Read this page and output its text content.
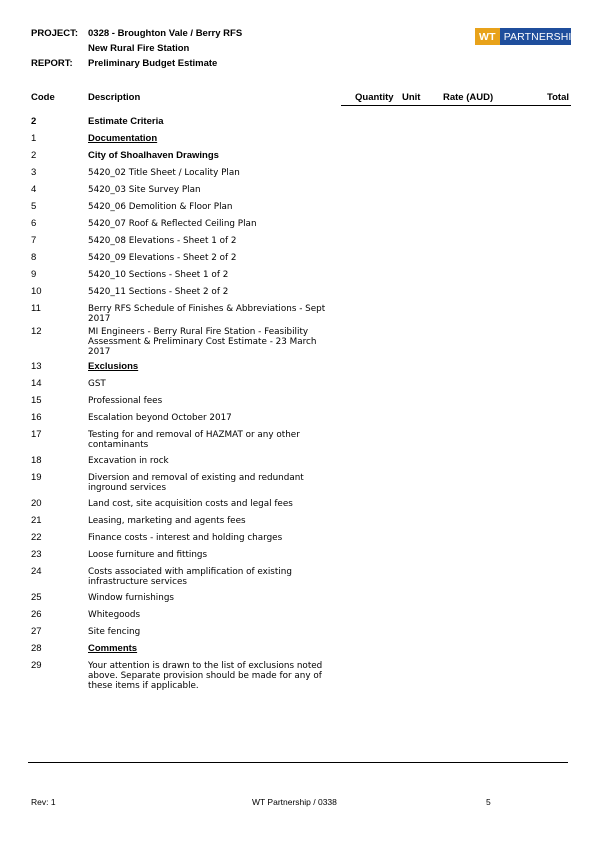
PROJECT: 0328 - Broughton Vale / Berry RFS
New Rural Fire Station
REPORT: Preliminary Budget Estimate
WT PARTNERSHIP
Code	Description	Quantity Unit Rate (AUD)	Total
2	Estimate Criteria
1	Documentation
2	City of Shoalhaven Drawings
3	5420_02 Title Sheet / Locality Plan
4	5420_03 Site Survey Plan
5	5420_06 Demolition & Floor Plan
6	5420_07 Roof & Reflected Ceiling Plan
7	5420_08 Elevations - Sheet 1 of 2
8	5420_09 Elevations - Sheet 2 of 2
9	5420_10 Sections - Sheet 1 of 2
10	5420_11 Sections - Sheet 2 of 2
11	Berry RFS Schedule of Finishes & Abbreviations - Sept 2017
12	MI Engineers - Berry Rural Fire Station - Feasibility Assessment & Preliminary Cost Estimate - 23 March 2017
13	Exclusions
14	GST
15	Professional fees
16	Escalation beyond October 2017
17	Testing for and removal of HAZMAT or any other contaminants
18	Excavation in rock
19	Diversion and removal of existing and redundant inground services
20	Land cost, site acquisition costs and legal fees
21	Leasing, marketing and agents fees
22	Finance costs - interest and holding charges
23	Loose furniture and fittings
24	Costs associated with amplification of existing infrastructure services
25	Window furnishings
26	Whitegoods
27	Site fencing
28	Comments
29	Your attention is drawn to the list of exclusions noted above. Separate provision should be made for any of these items if applicable.
Rev: 1	WT Partnership / 0338	5
